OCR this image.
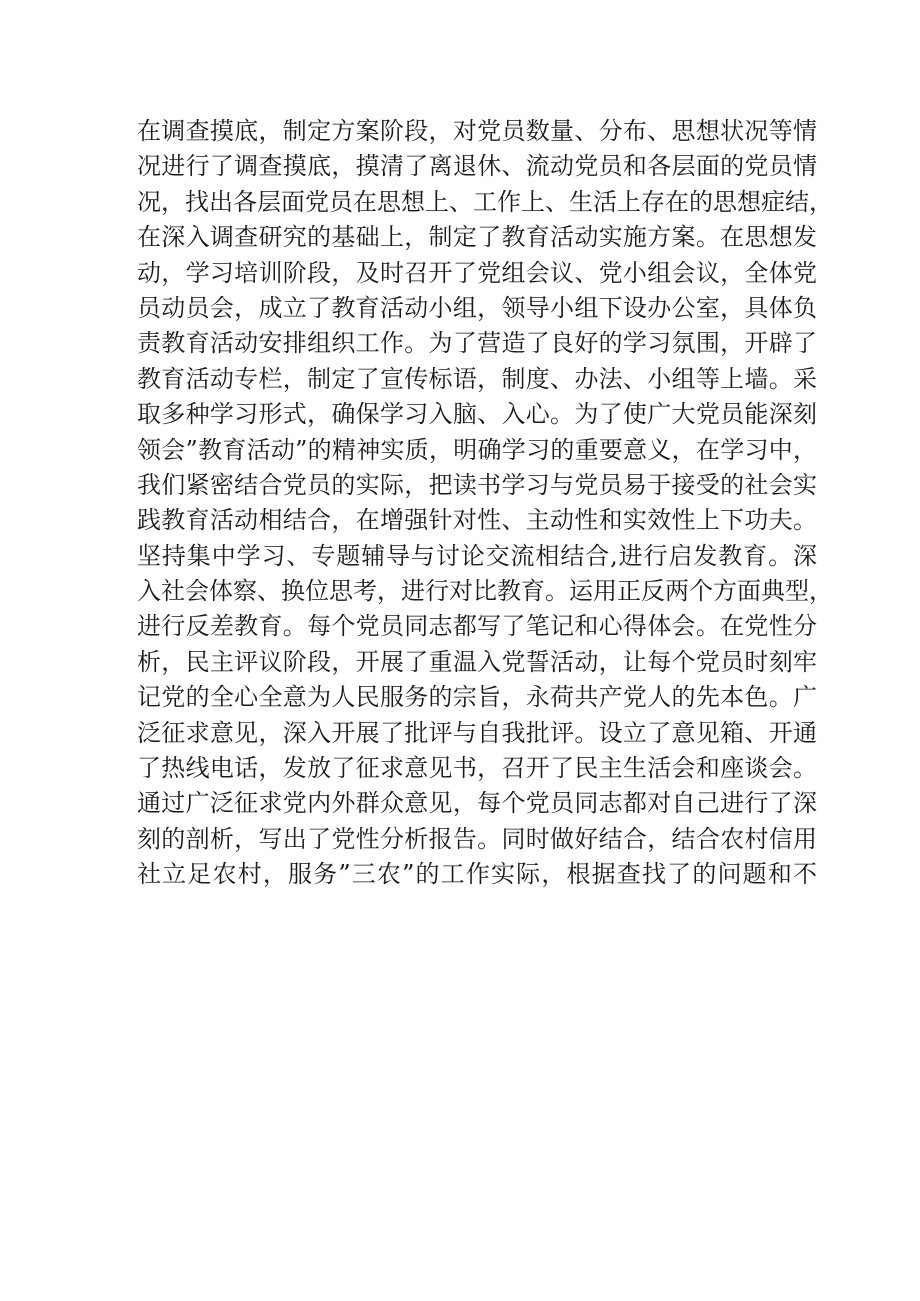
在调查摸底，制定方案阶段，对党员数量、分布、思想状况等情
况进行了调查摸底，摸清了离退休、流动党员和各层面的党员情
况，找出各层面党员在思想上、工作上、生活上存在的思想症结，
在深入调查研究的基础上，制定了教育活动实施方案。在思想发
动，学习培训阶段，及时召开了党组会议、党小组会议，全体党
员动员会，成立了教育活动小组，领导小组下设办公室，具体负
责教育活动安排组织工作。为了营造了良好的学习氛围，开辟了
教育活动专栏，制定了宣传标语，制度、办法、小组等上墙。采
取多种学习形式，确保学习入脑、入心。为了使广大党员能深刻
领会”教育活动”的精神实质，明确学习的重要意义，在学习中，
我们紧密结合党员的实际，把读书学习与党员易于接受的社会实
践教育活动相结合，在增强针对性、主动性和实效性上下功夫。
坚持集中学习、专题辅导与讨论交流相结合,进行启发教育。深
入社会体察、换位思考，进行对比教育。运用正反两个方面典型，
进行反差教育。每个党员同志都写了笔记和心得体会。在党性分
析，民主评议阶段，开展了重温入党誓活动，让每个党员时刻牢
记党的全心全意为人民服务的宗旨，永荷共产党人的先本色。广
泛征求意见，深入开展了批评与自我批评。设立了意见箱、开通
了热线电话，发放了征求意见书，召开了民主生活会和座谈会。
通过广泛征求党内外群众意见，每个党员同志都对自己进行了深
刻的剖析，写出了党性分析报告。同时做好结合，结合农村信用
社立足农村，服务”三农”的工作实际，根据查找了的问题和不
